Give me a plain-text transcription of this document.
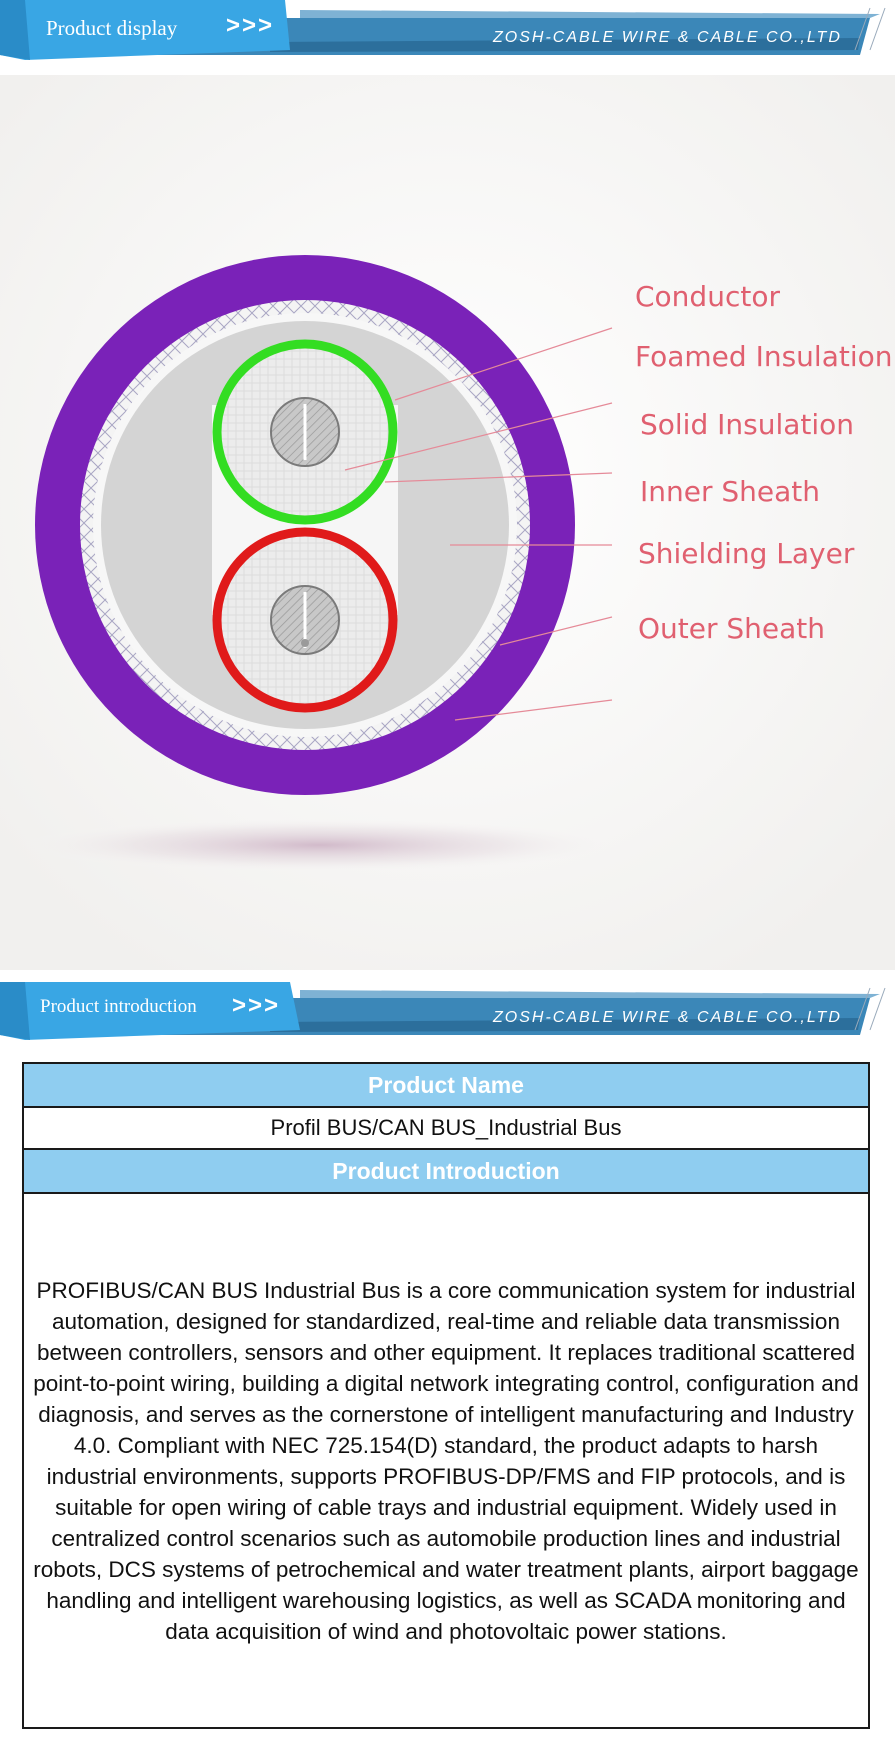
Product display >>>	ZOSH-CABLE WIRE & CABLE CO.,LTD
Conductor
Foamed Insulation
Solid Insulation
Inner Sheath
Shielding Layer
Outer Sheath
Product introduction >>>	ZOSH-CABLE WIRE & CABLE CO.,LTD
Product Name
Profil BUS/CAN BUS_Industrial Bus
Product Introduction
PROFIBUS/CAN BUS Industrial Bus is a core communication system for industrial automation, designed for standardized, real-time and reliable data transmission between controllers, sensors and other equipment. It replaces traditional scattered point-to-point wiring, building a digital network integrating control, configuration and diagnosis, and serves as the cornerstone of intelligent manufacturing and Industry 4.0. Compliant with NEC 725.154(D) standard, the product adapts to harsh industrial environments, supports PROFIBUS-DP/FMS and FIP protocols, and is suitable for open wiring of cable trays and industrial equipment. Widely used in centralized control scenarios such as automobile production lines and industrial robots, DCS systems of petrochemical and water treatment plants, airport baggage handling and intelligent warehousing logistics, as well as SCADA monitoring and data acquisition of wind and photovoltaic power stations.
